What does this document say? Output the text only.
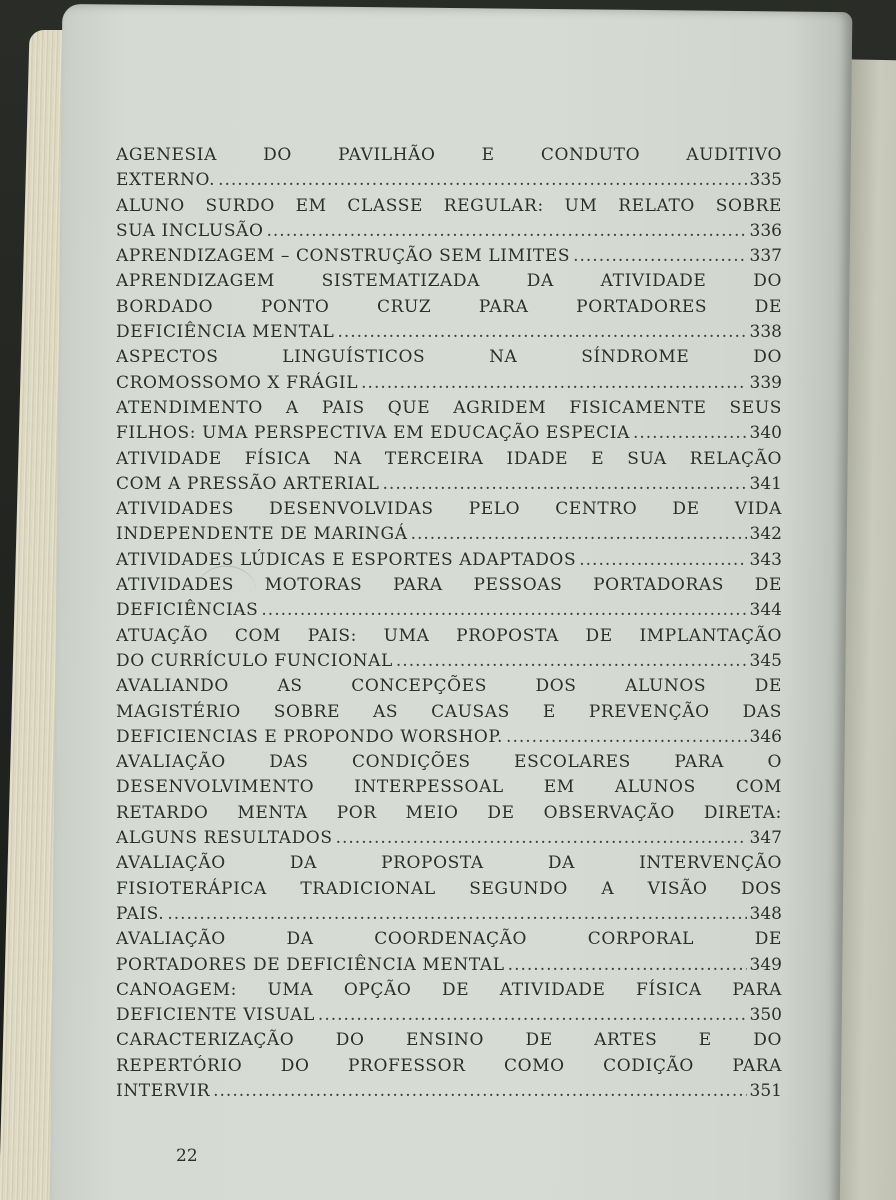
AGENESIA DO PAVILHÃO E CONDUTO AUDITIVO
EXTERNO. .....	335
ALUNO SURDO EM CLASSE REGULAR: UM RELATO SOBRE
SUA INCLUSÃO .....	336
APRENDIZAGEM – CONSTRUÇÃO SEM LIMITES .....	337
APRENDIZAGEM SISTEMATIZADA DA ATIVIDADE DO
BORDADO PONTO CRUZ PARA PORTADORES DE
DEFICIÊNCIA MENTAL .....	338
ASPECTOS LINGUÍSTICOS NA SÍNDROME DO
CROMOSSOMO X FRÁGIL .....	339
ATENDIMENTO A PAIS QUE AGRIDEM FISICAMENTE SEUS
FILHOS: UMA PERSPECTIVA EM EDUCAÇÃO ESPECIA .....	340
ATIVIDADE FÍSICA NA TERCEIRA IDADE E SUA RELAÇÃO
COM A PRESSÃO ARTERIAL .....	341
ATIVIDADES DESENVOLVIDAS PELO CENTRO DE VIDA
INDEPENDENTE DE MARINGÁ .....	342
ATIVIDADES LÚDICAS E ESPORTES ADAPTADOS .....	343
ATIVIDADES MOTORAS PARA PESSOAS PORTADORAS DE
DEFICIÊNCIAS .....	344
ATUAÇÃO COM PAIS: UMA PROPOSTA DE IMPLANTAÇÃO
DO CURRÍCULO FUNCIONAL .....	345
AVALIANDO AS CONCEPÇÕES DOS ALUNOS DE
MAGISTÉRIO SOBRE AS CAUSAS E PREVENÇÃO DAS
DEFICIENCIAS E PROPONDO WORSHOP. .....	346
AVALIAÇÃO DAS CONDIÇÕES ESCOLARES PARA O
DESENVOLVIMENTO INTERPESSOAL EM ALUNOS COM
RETARDO MENTA POR MEIO DE OBSERVAÇÃO DIRETA:
ALGUNS RESULTADOS .....	347
AVALIAÇÃO DA PROPOSTA DA INTERVENÇÃO
FISIOTERÁPICA TRADICIONAL SEGUNDO A VISÃO DOS
PAIS. .....	348
AVALIAÇÃO DA COORDENAÇÃO CORPORAL DE
PORTADORES DE DEFICIÊNCIA MENTAL .....	349
CANOAGEM: UMA OPÇÃO DE ATIVIDADE FÍSICA PARA
DEFICIENTE VISUAL .....	350
CARACTERIZAÇÃO DO ENSINO DE ARTES E DO
REPERTÓRIO DO PROFESSOR COMO CODIÇÃO PARA
INTERVIR .....	351
22
